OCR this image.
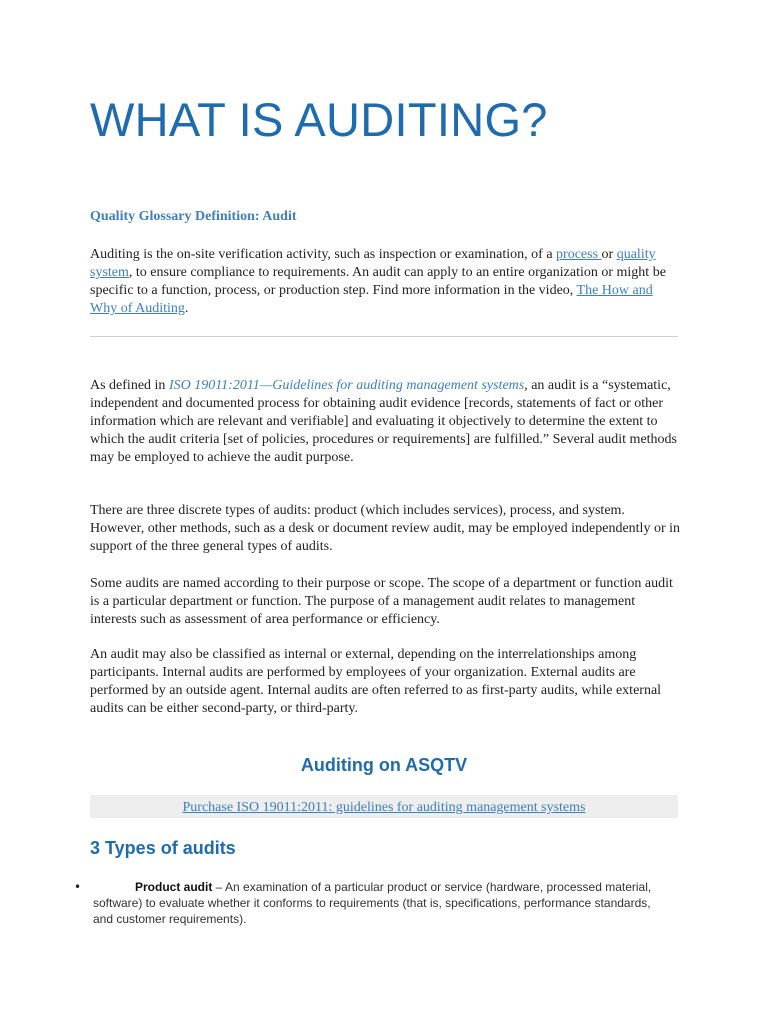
WHAT IS AUDITING?
Quality Glossary Definition: Audit

Auditing is the on-site verification activity, such as inspection or examination, of a process or quality system, to ensure compliance to requirements. An audit can apply to an entire organization or might be specific to a function, process, or production step. Find more information in the video, The How and Why of Auditing.

As defined in ISO 19011:2011—Guidelines for auditing management systems, an audit is a “systematic, independent and documented process for obtaining audit evidence [records, statements of fact or other information which are relevant and verifiable] and evaluating it objectively to determine the extent to which the audit criteria [set of policies, procedures or requirements] are fulfilled.” Several audit methods may be employed to achieve the audit purpose.

There are three discrete types of audits: product (which includes services), process, and system. However, other methods, such as a desk or document review audit, may be employed independently or in support of the three general types of audits.

Some audits are named according to their purpose or scope. The scope of a department or function audit is a particular department or function. The purpose of a management audit relates to management interests such as assessment of area performance or efficiency.

An audit may also be classified as internal or external, depending on the interrelationships among participants. Internal audits are performed by employees of your organization. External audits are performed by an outside agent. Internal audits are often referred to as first-party audits, while external audits can be either second-party, or third-party.

Auditing on ASQTV
Purchase ISO 19011:2011: guidelines for auditing management systems
3 Types of audits
•	Product audit – An examination of a particular product or service (hardware, processed material, software) to evaluate whether it conforms to requirements (that is, specifications, performance standards, and customer requirements).
